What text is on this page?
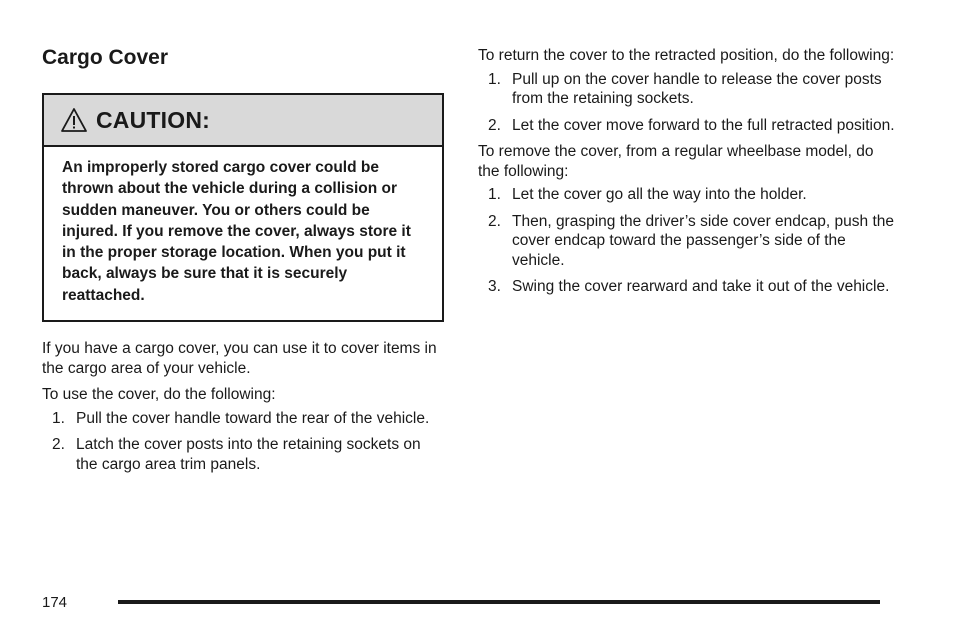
Cargo Cover
CAUTION:
An improperly stored cargo cover could be thrown about the vehicle during a collision or sudden maneuver. You or others could be injured. If you remove the cover, always store it in the proper storage location. When you put it back, always be sure that it is securely reattached.

If you have a cargo cover, you can use it to cover items in the cargo area of your vehicle.

To use the cover, do the following:

1. Pull the cover handle toward the rear of the vehicle.
2. Latch the cover posts into the retaining sockets on the cargo area trim panels.

To return the cover to the retracted position, do the following:

1. Pull up on the cover handle to release the cover posts from the retaining sockets.
2. Let the cover move forward to the full retracted position.

To remove the cover, from a regular wheelbase model, do the following:

1. Let the cover go all the way into the holder.
2. Then, grasping the driver’s side cover endcap, push the cover endcap toward the passenger’s side of the vehicle.
3. Swing the cover rearward and take it out of the vehicle.
174
